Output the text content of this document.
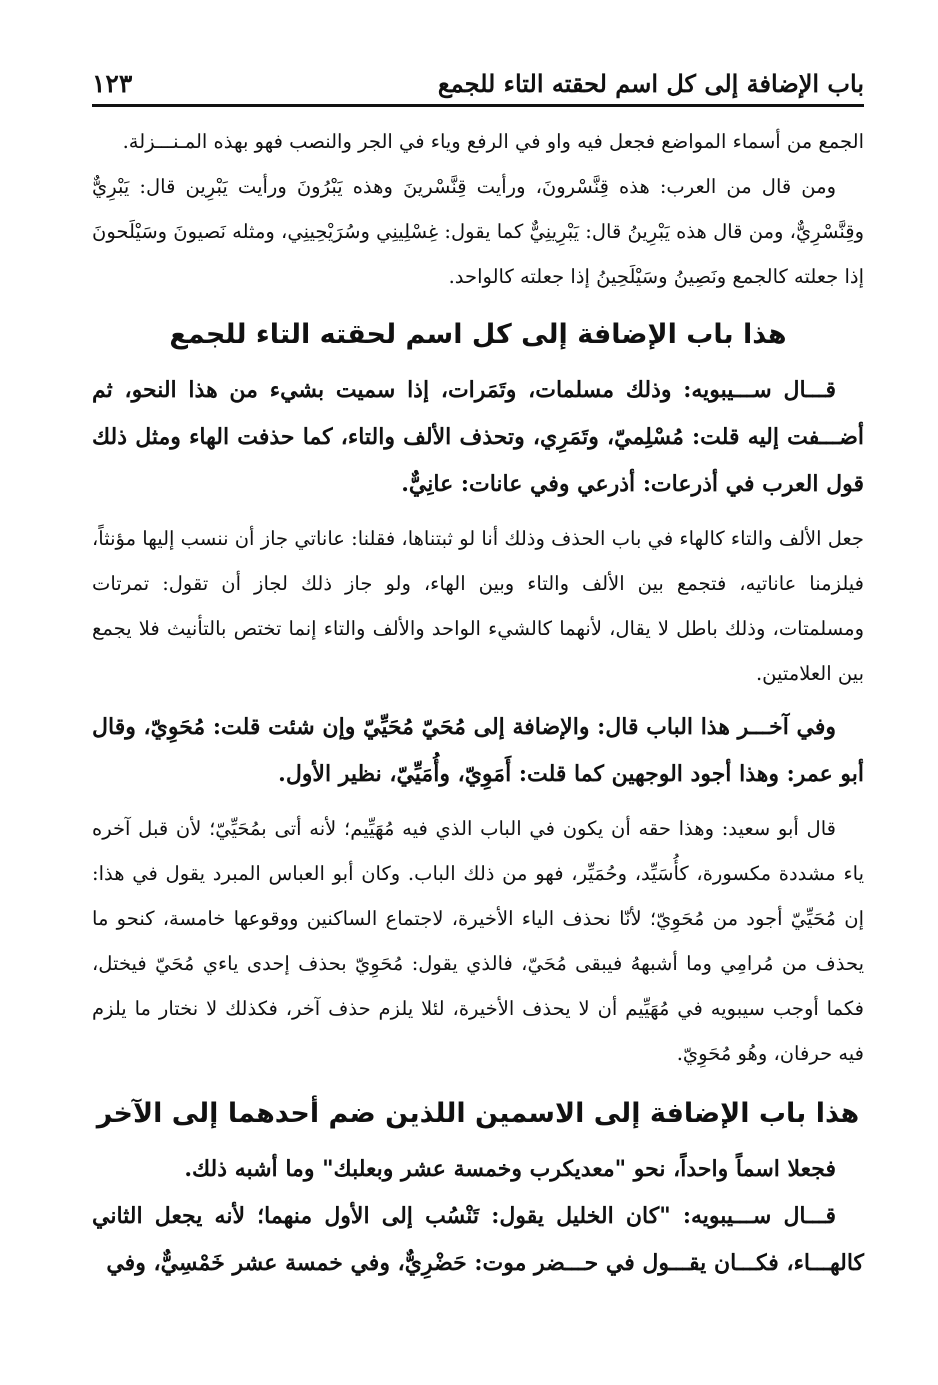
باب الإضافة إلى كل اسم لحقته التاء للجمع
١٢٣

الجمع من أسماء المواضع فجعل فيه واو في الرفع وياء في الجر والنصب فهو بهذه المـنـــزلة.

ومن قال من العرب: هذه قِنَّسْرونَ، ورأيت قِنَّسْرينَ وهذه يَبْرُونَ ورأيت يَبْرِين قال: يَبْرِيٌّ وقِنَّسْرِيٌّ، ومن قال هذه يَبْرِينُ قال: يَبْرِينِيٌّ كما يقول: غِسْلِينِي وسُرَيْحِينِي، ومثله نَصيونَ وسَيْلَحونَ إذا جعلته كالجمع ونَصِينُ وسَيْلَحِينُ إذا جعلته كالواحد.

هذا باب الإضافة إلى كل اسم لحقته التاء للجمع

قـــال ســـيبويه: وذلك مسلمات، وتَمَرات، إذا سميت بشيء من هذا النحو، ثم أضـــفت إليه قلت: مُسْلِميّ، وتَمَرِي، وتحذف الألف والتاء، كما حذفت الهاء ومثل ذلك قول العرب في أذرعات: أذرعي وفي عانات: عانِيٌّ.

جعل الألف والتاء كالهاء في باب الحذف وذلك أنا لو ثبتناها، فقلنا: عاناتي جاز أن ننسب إليها مؤنثاً، فيلزمنا عاناتيه، فتجمع بين الألف والتاء وبين الهاء، ولو جاز ذلك لجاز أن تقول: تمرتات ومسلمتات، وذلك باطل لا يقال، لأنهما كالشيء الواحد والألف والتاء إنما تختص بالتأنيث فلا يجمع بين العلامتين.

وفي آخـــر هذا الباب قال: والإضافة إلى مُحَيّ مُحَيِّيّ وإن شئت قلت: مُحَوِيّ، وقال أبو عمر: وهذا أجود الوجهين كما قلت: أَمَوِيّ، وأُمَيِّيّ، نظير الأول.

قال أبو سعيد: وهذا حقه أن يكون في الباب الذي فيه مُهَيِّيم؛ لأنه أتى بمُحَيِّيّ؛ لأن قبل آخره ياء مشددة مكسورة، كأُسَيِّد، وحُمَيِّر، فهو من ذلك الباب. وكان أبو العباس المبرد يقول في هذا: إن مُحَيِّيّ أجود من مُحَوِيّ؛ لأنّا نحذف الياء الأخيرة، لاجتماع الساكنين ووقوعها خامسة، كنحو ما يحذف من مُرامِي وما أشبههُ فيبقى مُحَيّ، فالذي يقول: مُحَوِيّ بحذف إحدى ياءي مُحَيّ فيختل، فكما أوجب سيبويه في مُهَيِّيم أن لا يحذف الأخيرة، لئلا يلزم حذف آخر، فكذلك لا نختار ما يلزم فيه حرفان، وهُو مُحَوِيّ.

هذا باب الإضافة إلى الاسمين اللذين ضم أحدهما إلى الآخر

فجعلا اسماً واحداً، نحو "معديكرب وخمسة عشر وبعلبك" وما أشبه ذلك.

قـــال ســـيبويه: "كان الخليل يقول: تَنْسُب إلى الأول منهما؛ لأنه يجعل الثاني كالهـــاء، فكـــان يقـــول في حـــضر موت: حَضْرِيٌّ، وفي خمسة عشر خَمْسِيٌّ، وفي
